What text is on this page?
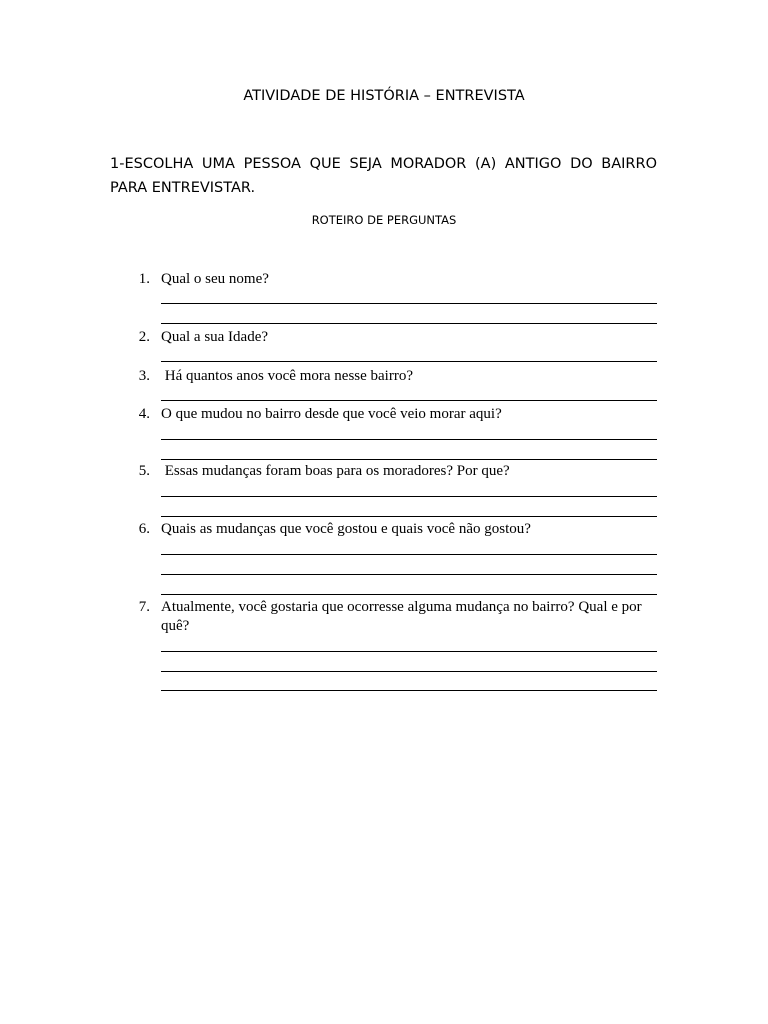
ATIVIDADE DE HISTÓRIA – ENTREVISTA
1-ESCOLHA UMA PESSOA QUE SEJA MORADOR (A) ANTIGO DO BAIRRO PARA ENTREVISTAR.
ROTEIRO DE PERGUNTAS
1. Qual o seu nome?
2. Qual a sua Idade?
3. Há quantos anos você mora nesse bairro?
4. O que mudou no bairro desde que você veio morar aqui?
5. Essas mudanças foram boas para os moradores? Por que?
6. Quais as mudanças que você gostou e quais você não gostou?
7. Atualmente, você gostaria que ocorresse alguma mudança no bairro? Qual e por quê?
